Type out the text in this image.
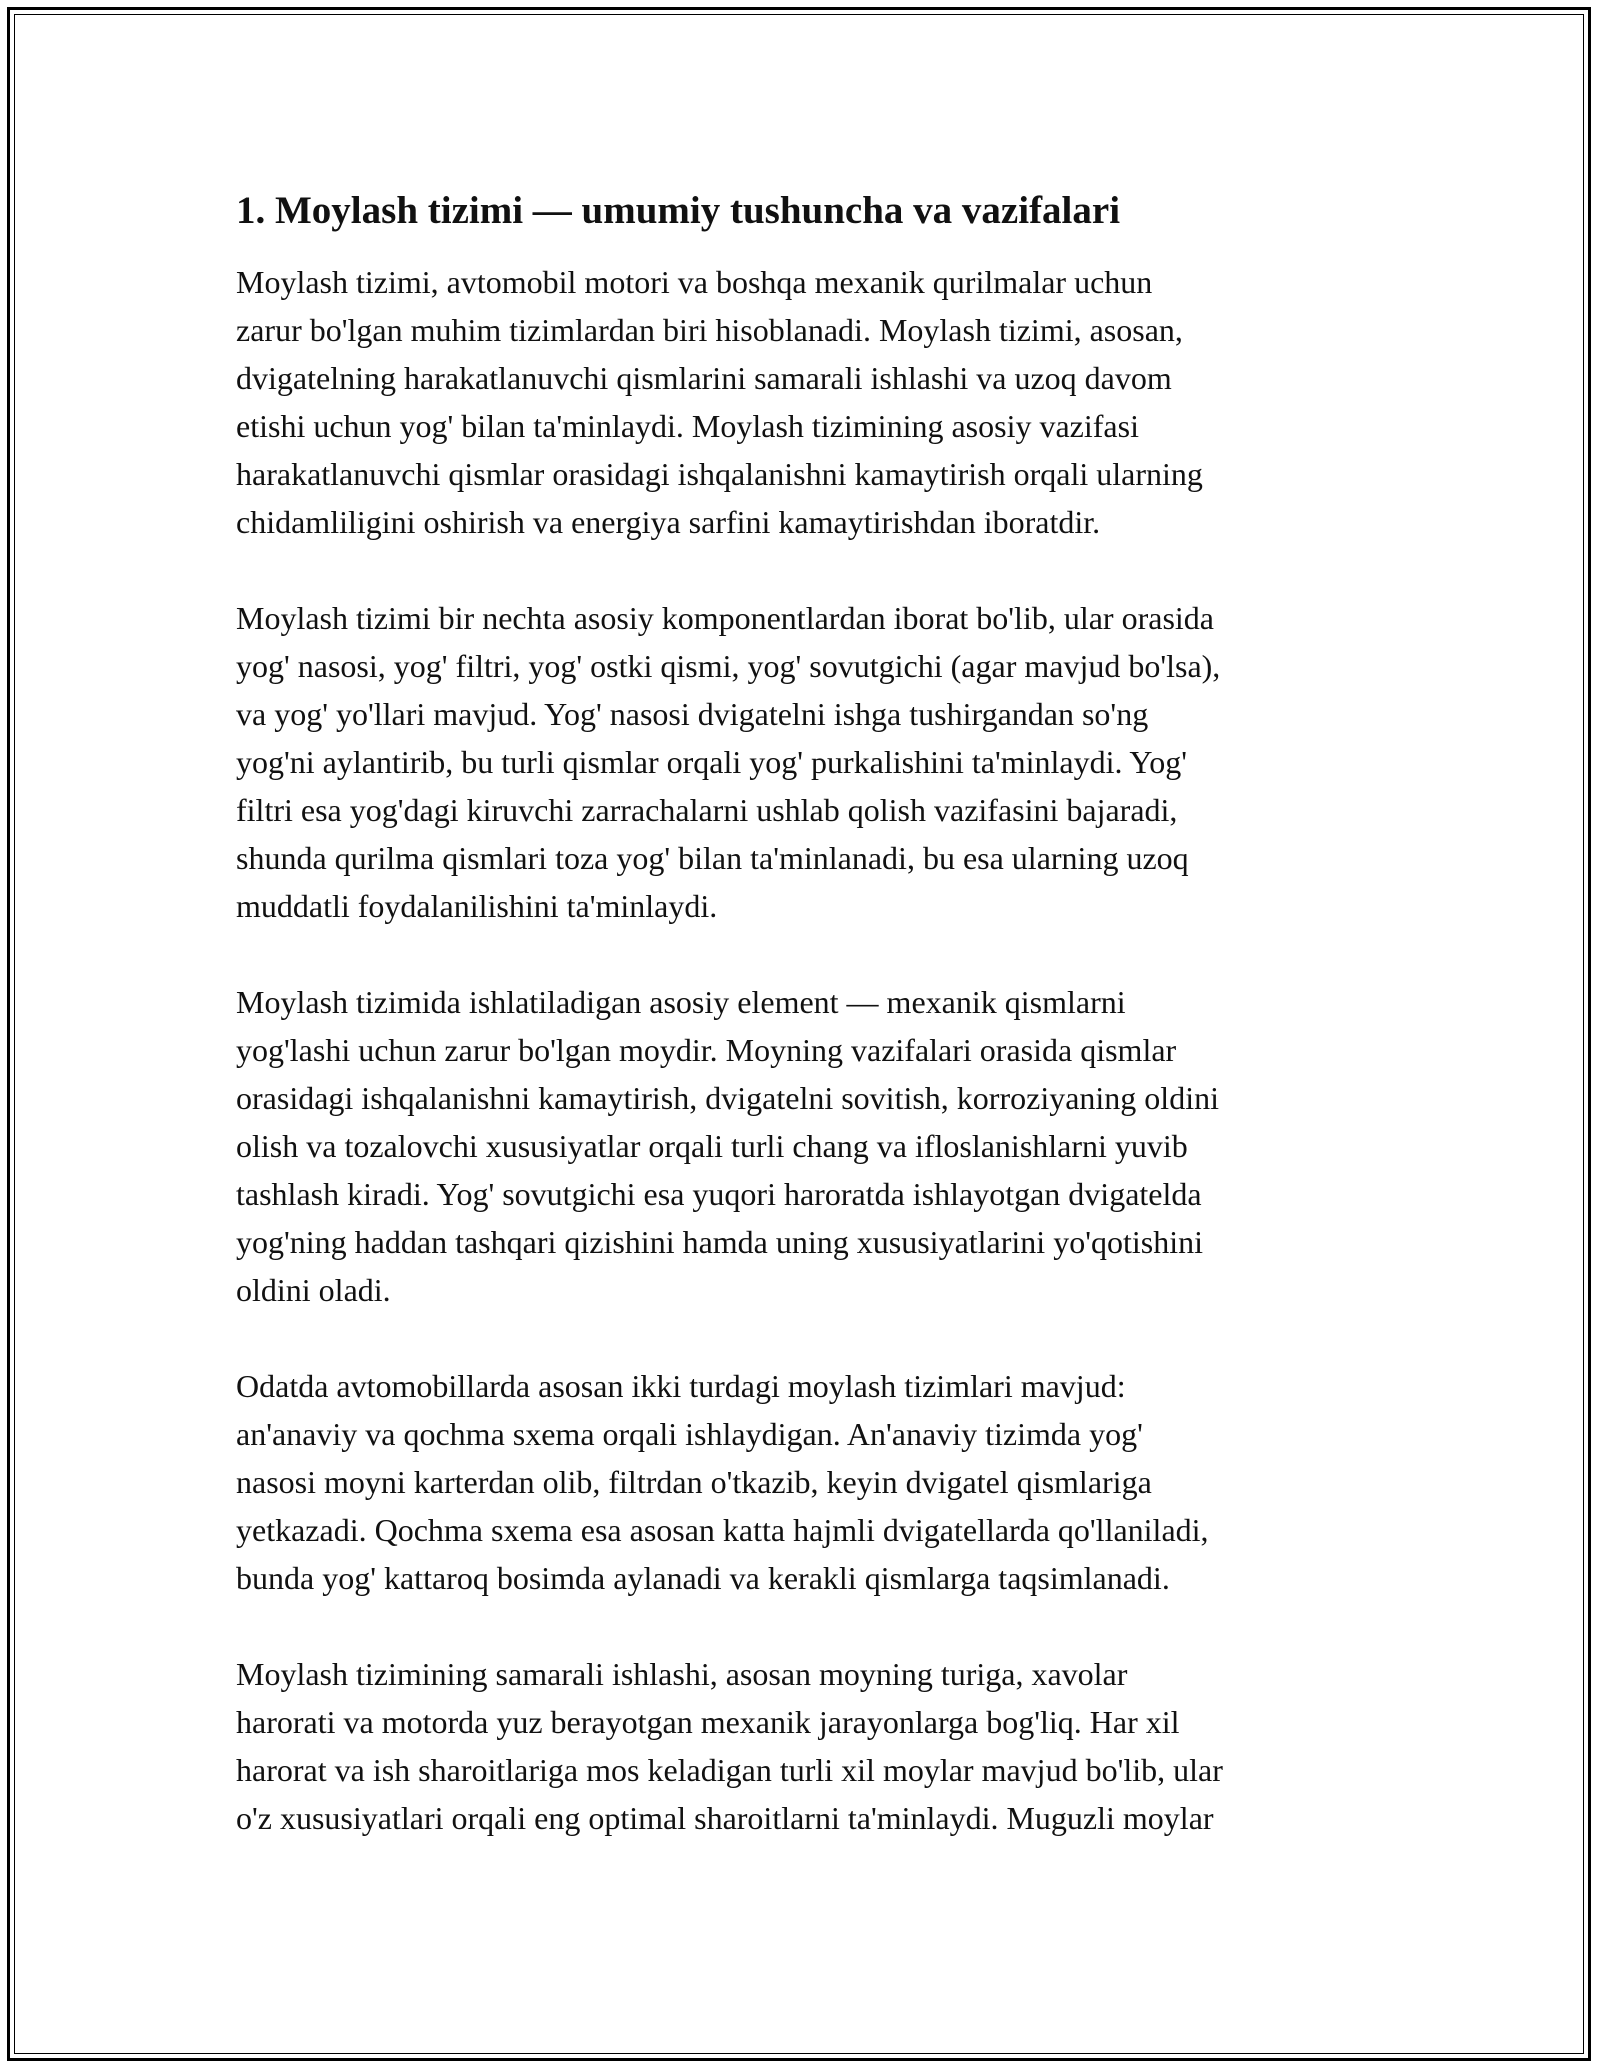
1. Moylash tizimi — umumiy tushuncha va vazifalari

Moylash tizimi, avtomobil motori va boshqa mexanik qurilmalar uchun
zarur bo'lgan muhim tizimlardan biri hisoblanadi. Moylash tizimi, asosan,
dvigatelning harakatlanuvchi qismlarini samarali ishlashi va uzoq davom
etishi uchun yog' bilan ta'minlaydi. Moylash tizimining asosiy vazifasi
harakatlanuvchi qismlar orasidagi ishqalanishni kamaytirish orqali ularning
chidamliligini oshirish va energiya sarfini kamaytirishdan iboratdir.

Moylash tizimi bir nechta asosiy komponentlardan iborat bo'lib, ular orasida
yog' nasosi, yog' filtri, yog' ostki qismi, yog' sovutgichi (agar mavjud bo'lsa),
va yog' yo'llari mavjud. Yog' nasosi dvigatelni ishga tushirgandan so'ng
yog'ni aylantirib, bu turli qismlar orqali yog' purkalishini ta'minlaydi. Yog'
filtri esa yog'dagi kiruvchi zarrachalarni ushlab qolish vazifasini bajaradi,
shunda qurilma qismlari toza yog' bilan ta'minlanadi, bu esa ularning uzoq
muddatli foydalanilishini ta'minlaydi.

Moylash tizimida ishlatiladigan asosiy element — mexanik qismlarni
yog'lashi uchun zarur bo'lgan moydir. Moyning vazifalari orasida qismlar
orasidagi ishqalanishni kamaytirish, dvigatelni sovitish, korroziyaning oldini
olish va tozalovchi xususiyatlar orqali turli chang va ifloslanishlarni yuvib
tashlash kiradi. Yog' sovutgichi esa yuqori haroratda ishlayotgan dvigatelda
yog'ning haddan tashqari qizishini hamda uning xususiyatlarini yo'qotishini
oldini oladi.

Odatda avtomobillarda asosan ikki turdagi moylash tizimlari mavjud:
an'anaviy va qochma sxema orqali ishlaydigan. An'anaviy tizimda yog'
nasosi moyni karterdan olib, filtrdan o'tkazib, keyin dvigatel qismlariga
yetkazadi. Qochma sxema esa asosan katta hajmli dvigatellarda qo'llaniladi,
bunda yog' kattaroq bosimda aylanadi va kerakli qismlarga taqsimlanadi.

Moylash tizimining samarali ishlashi, asosan moyning turiga, xavolar
harorati va motorda yuz berayotgan mexanik jarayonlarga bog'liq. Har xil
harorat va ish sharoitlariga mos keladigan turli xil moylar mavjud bo'lib, ular
o'z xususiyatlari orqali eng optimal sharoitlarni ta'minlaydi. Muguzli moylar
